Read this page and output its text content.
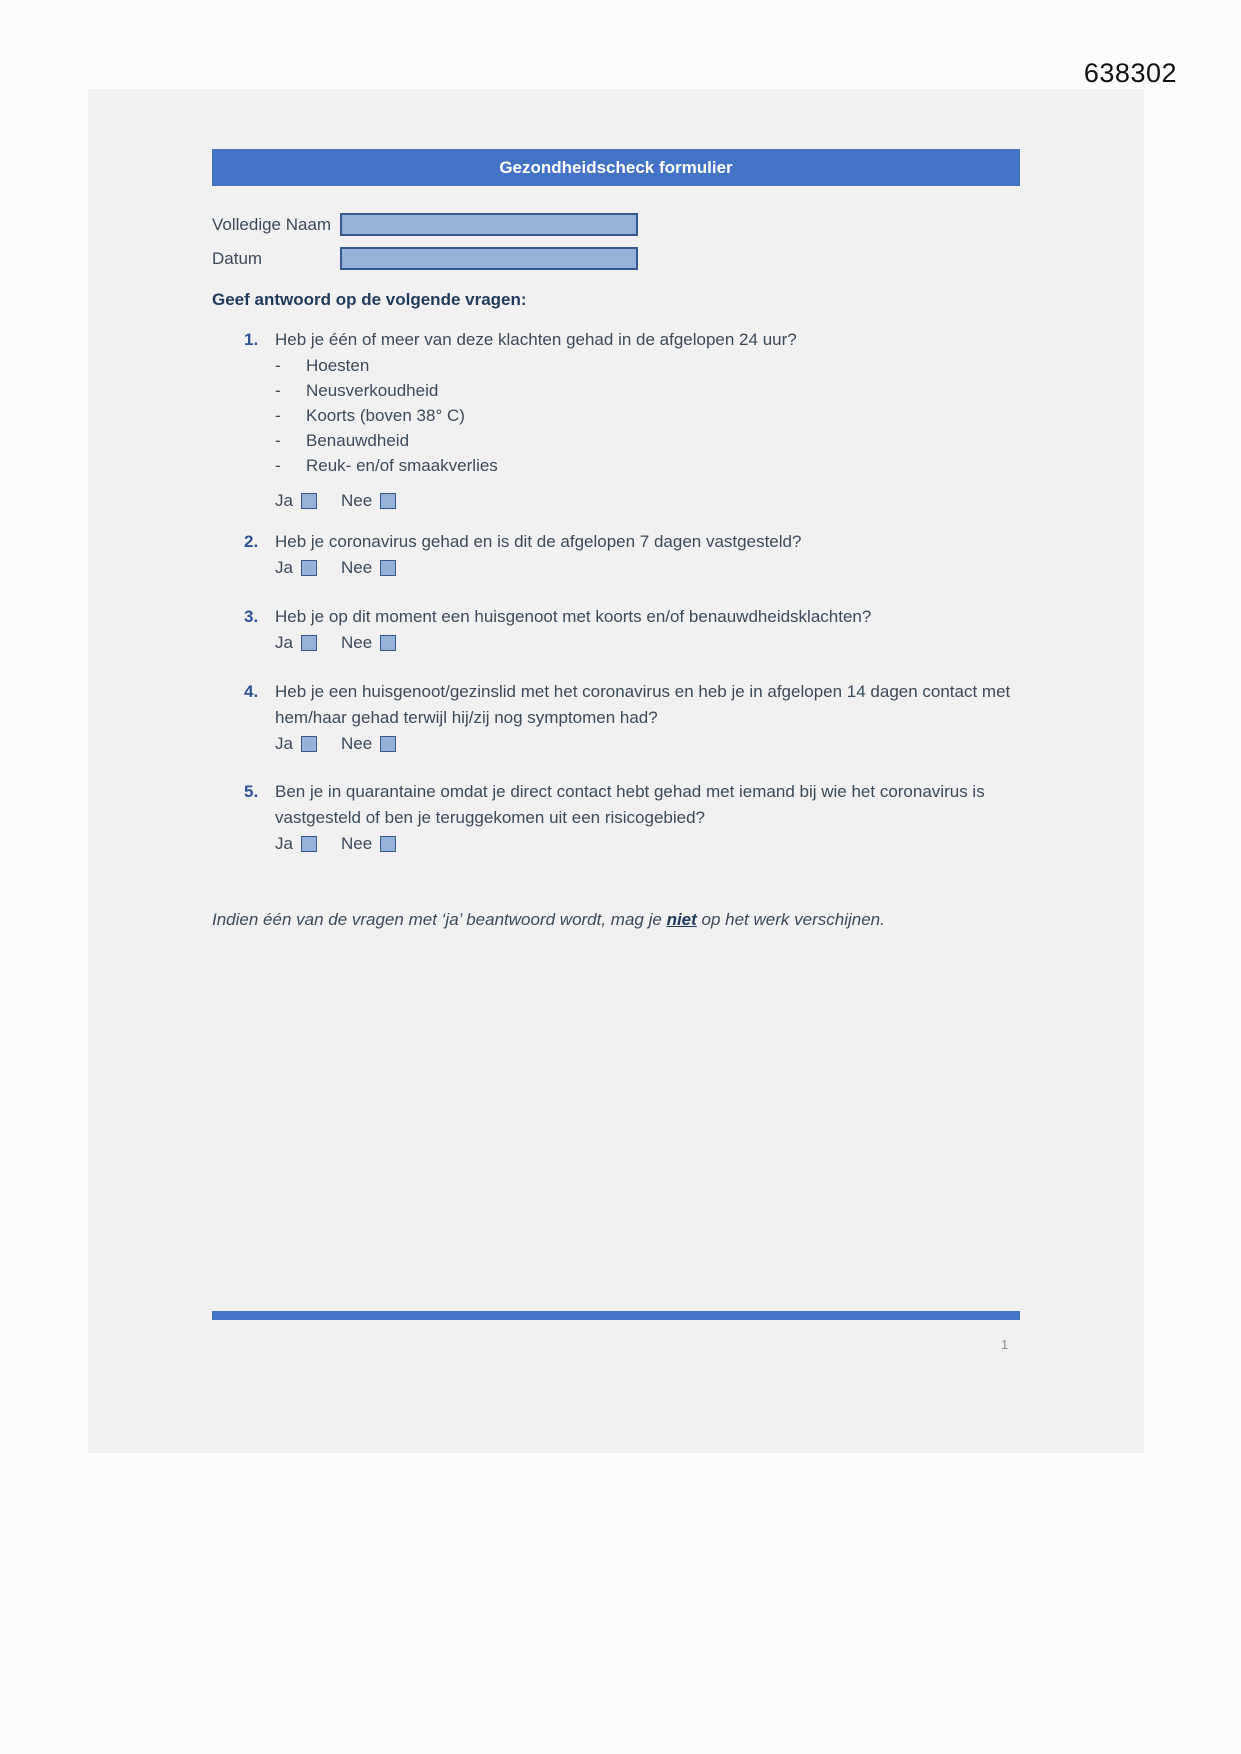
638302
Gezondheidscheck formulier
Volledige Naam
Datum
Geef antwoord op de volgende vragen:
1. Heb je één of meer van deze klachten gehad in de afgelopen 24 uur?
-	Hoesten
-	Neusverkoudheid
-	Koorts (boven 38° C)
-	Benauwdheid
-	Reuk- en/of smaakverlies
Ja	Nee
2. Heb je coronavirus gehad en is dit de afgelopen 7 dagen vastgesteld?
Ja	Nee
3. Heb je op dit moment een huisgenoot met koorts en/of benauwdheidsklachten?
Ja	Nee
4. Heb je een huisgenoot/gezinslid met het coronavirus en heb je in afgelopen 14 dagen contact met hem/haar gehad terwijl hij/zij nog symptomen had?
Ja	Nee
5. Ben je in quarantaine omdat je direct contact hebt gehad met iemand bij wie het coronavirus is vastgesteld of ben je teruggekomen uit een risicogebied?
Ja	Nee
Indien één van de vragen met ‘ja’ beantwoord wordt, mag je niet op het werk verschijnen.
1
